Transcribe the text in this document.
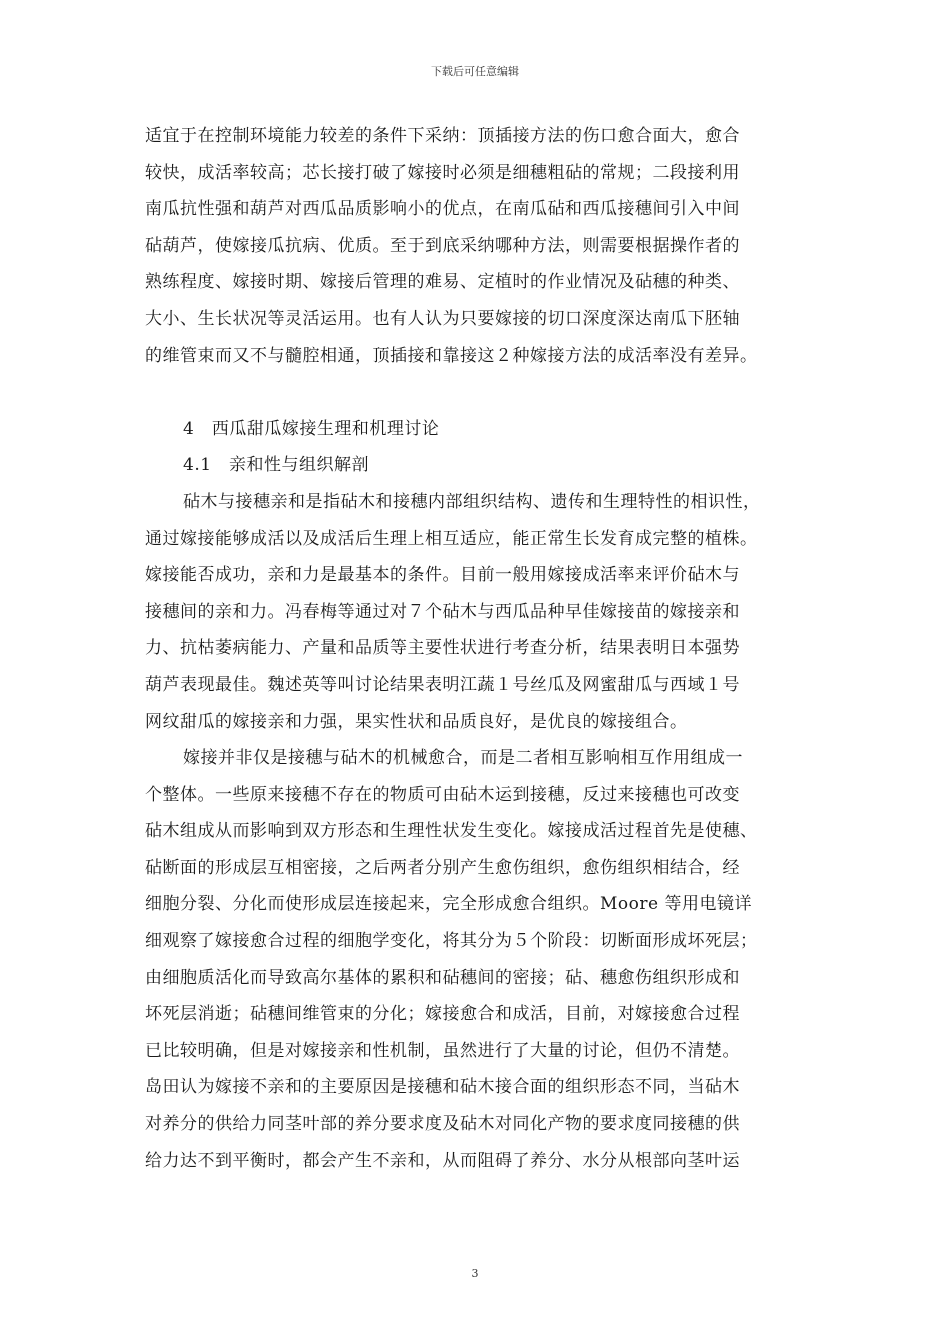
下载后可任意编辑
适宜于在控制环境能力较差的条件下采纳：顶插接方法的伤口愈合面大，愈合
较快，成活率较高；芯长接打破了嫁接时必须是细穗粗砧的常规；二段接利用
南瓜抗性强和葫芦对西瓜品质影响小的优点，在南瓜砧和西瓜接穗间引入中间
砧葫芦，使嫁接瓜抗病、优质。至于到底采纳哪种方法，则需要根据操作者的
熟练程度、嫁接时期、嫁接后管理的难易、定植时的作业情况及砧穗的种类、
大小、生长状况等灵活运用。也有人认为只要嫁接的切口深度深达南瓜下胚轴
的维管束而又不与髓腔相通，顶插接和靠接这２种嫁接方法的成活率没有差异。
4　西瓜甜瓜嫁接生理和机理讨论
4.1　亲和性与组织解剖
砧木与接穗亲和是指砧木和接穗内部组织结构、遗传和生理特性的相识性，
通过嫁接能够成活以及成活后生理上相互适应，能正常生长发育成完整的植株。
嫁接能否成功，亲和力是最基本的条件。目前一般用嫁接成活率来评价砧木与
接穗间的亲和力。冯春梅等通过对７个砧木与西瓜品种早佳嫁接苗的嫁接亲和
力、抗枯萎病能力、产量和品质等主要性状进行考查分析，结果表明日本强势
葫芦表现最佳。魏述英等叫讨论结果表明江蔬１号丝瓜及网蜜甜瓜与西域１号
网纹甜瓜的嫁接亲和力强，果实性状和品质良好，是优良的嫁接组合。
嫁接并非仅是接穗与砧木的机械愈合，而是二者相互影响相互作用组成一
个整体。一些原来接穗不存在的物质可由砧木运到接穗，反过来接穗也可改变
砧木组成从而影响到双方形态和生理性状发生变化。嫁接成活过程首先是使穗、
砧断面的形成层互相密接，之后两者分别产生愈伤组织，愈伤组织相结合，经
细胞分裂、分化而使形成层连接起来，完全形成愈合组织。Moore 等用电镜详
细观察了嫁接愈合过程的细胞学变化，将其分为５个阶段：切断面形成坏死层；
由细胞质活化而导致高尔基体的累积和砧穗间的密接；砧、穗愈伤组织形成和
坏死层消逝；砧穗间维管束的分化；嫁接愈合和成活，目前，对嫁接愈合过程
已比较明确，但是对嫁接亲和性机制，虽然进行了大量的讨论，但仍不清楚。
岛田认为嫁接不亲和的主要原因是接穗和砧木接合面的组织形态不同，当砧木
对养分的供给力同茎叶部的养分要求度及砧木对同化产物的要求度同接穗的供
给力达不到平衡时，都会产生不亲和，从而阻碍了养分、水分从根部向茎叶运
3
